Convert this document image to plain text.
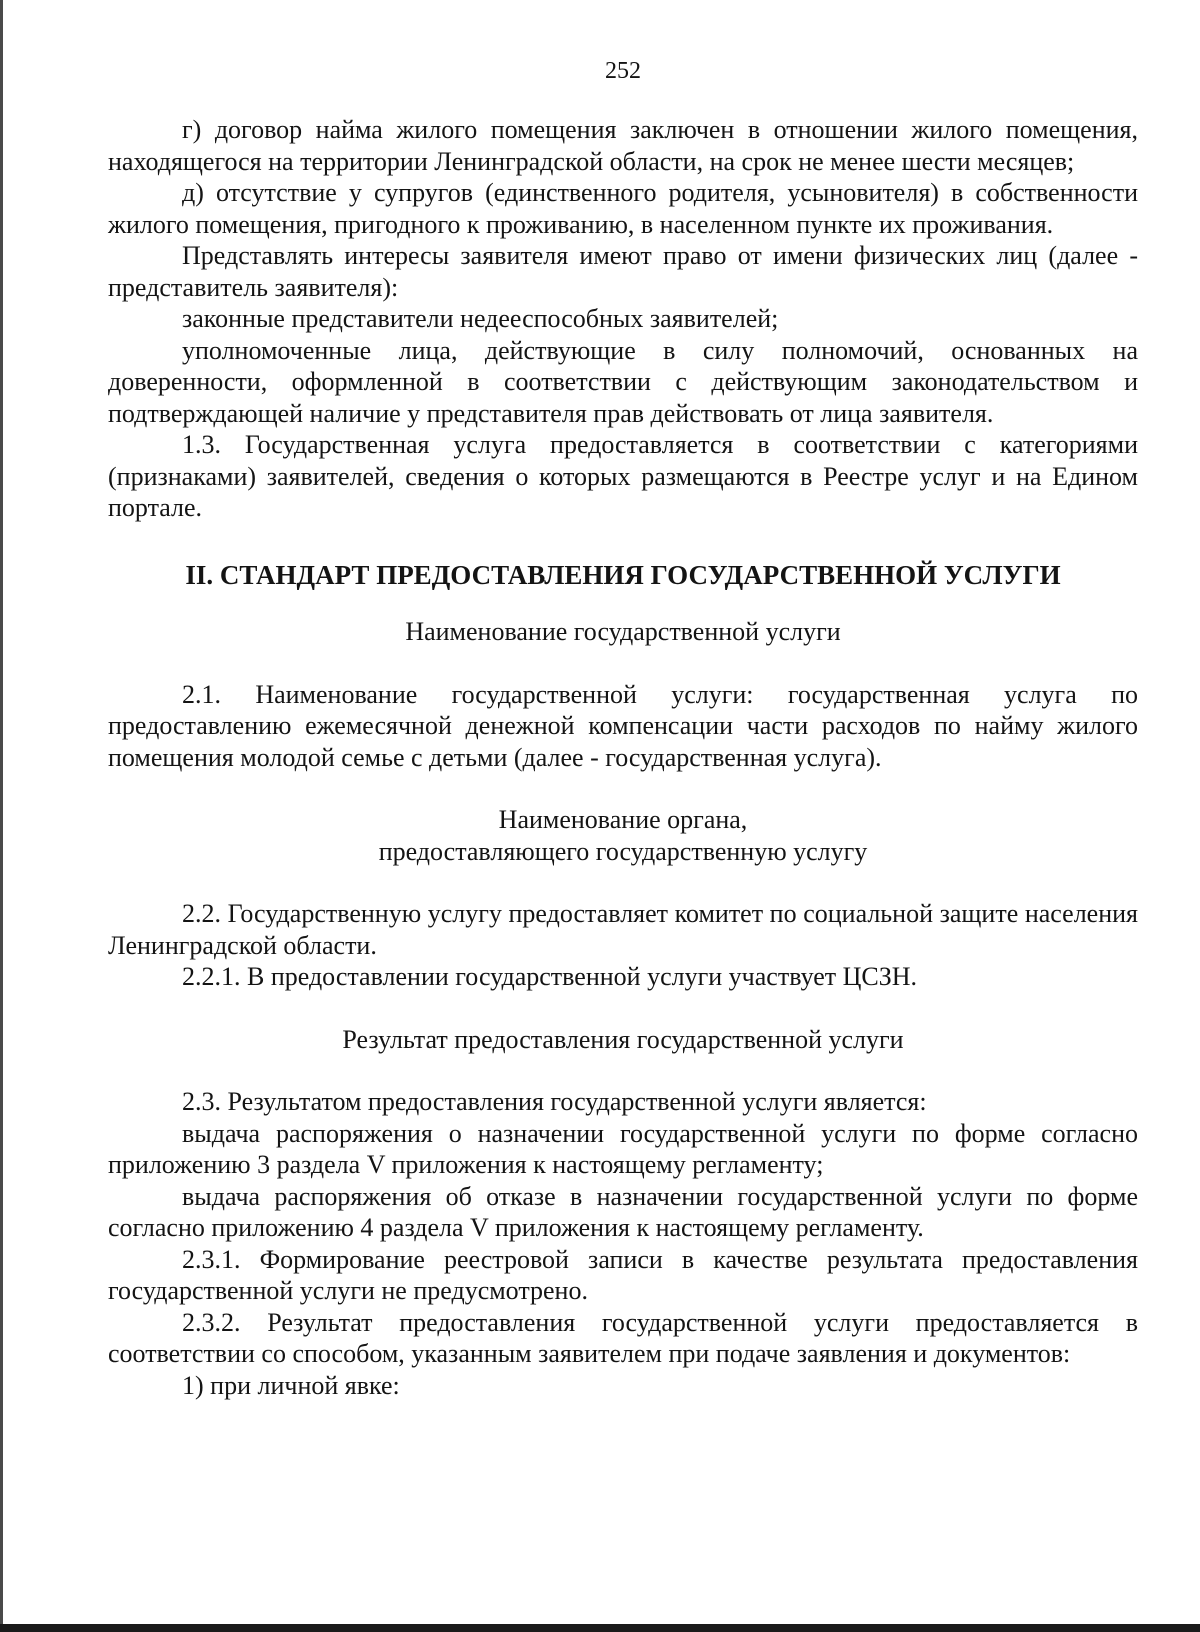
252

г) договор найма жилого помещения заключен в отношении жилого помещения, находящегося на территории Ленинградской области, на срок не менее шести месяцев;

д) отсутствие у супругов (единственного родителя, усыновителя) в собственности жилого помещения, пригодного к проживанию, в населенном пункте их проживания.

Представлять интересы заявителя имеют право от имени физических лиц (далее - представитель заявителя):

законные представители недееспособных заявителей;

уполномоченные лица, действующие в силу полномочий, основанных на доверенности, оформленной в соответствии с действующим законодательством и подтверждающей наличие у представителя прав действовать от лица заявителя.

1.3. Государственная услуга предоставляется в соответствии с категориями (признаками) заявителей, сведения о которых размещаются в Реестре услуг и на Едином портале.

II. СТАНДАРТ ПРЕДОСТАВЛЕНИЯ ГОСУДАРСТВЕННОЙ УСЛУГИ

Наименование государственной услуги

2.1. Наименование государственной услуги: государственная услуга по предоставлению ежемесячной денежной компенсации части расходов по найму жилого помещения молодой семье с детьми (далее - государственная услуга).

Наименование органа,
предоставляющего государственную услугу

2.2. Государственную услугу предоставляет комитет по социальной защите населения Ленинградской области.

2.2.1. В предоставлении государственной услуги участвует ЦСЗН.

Результат предоставления государственной услуги

2.3. Результатом предоставления государственной услуги является:

выдача распоряжения о назначении государственной услуги по форме согласно приложению 3 раздела V приложения к настоящему регламенту;

выдача распоряжения об отказе в назначении государственной услуги по форме согласно приложению 4 раздела V приложения к настоящему регламенту.

2.3.1. Формирование реестровой записи в качестве результата предоставления государственной услуги не предусмотрено.

2.3.2. Результат предоставления государственной услуги предоставляется в соответствии со способом, указанным заявителем при подаче заявления и документов:

1) при личной явке:
